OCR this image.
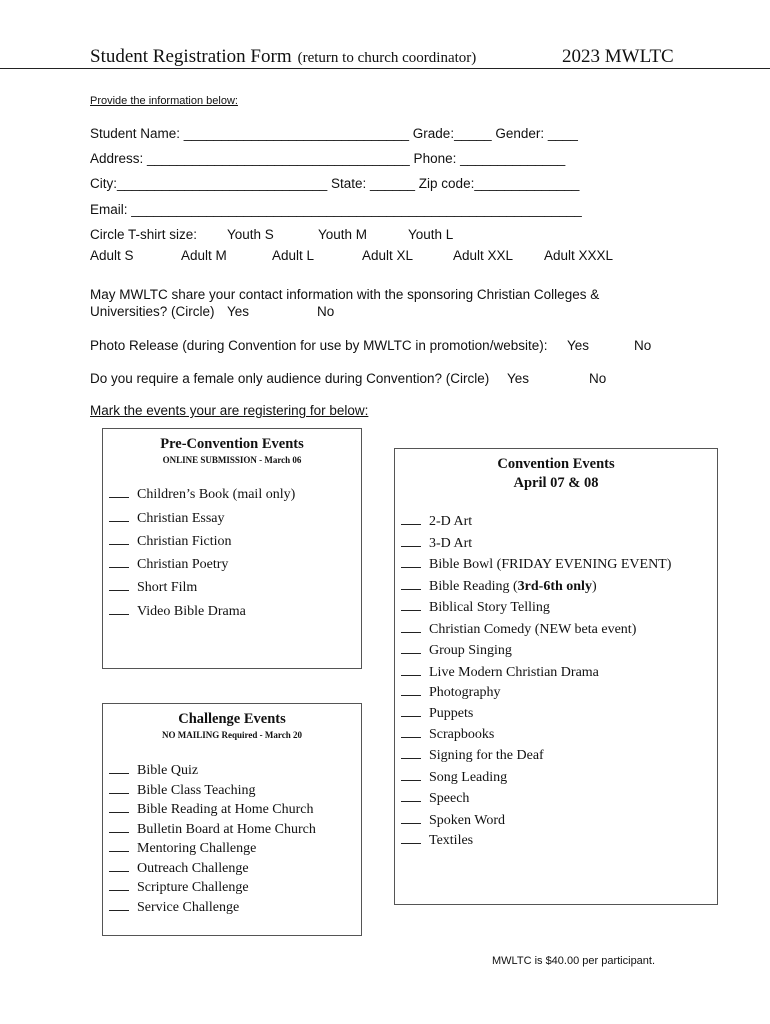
Student Registration Form (return to church coordinator)	2023 MWLTC
Provide the information below:
Student Name: ______________________________ Grade:_____ Gender: ____
Address: ___________________________________ Phone: ______________
City:____________________________ State: ______ Zip code:______________
Email: ____________________________________________________________
Circle T-shirt size: Youth S	Youth M	Youth L
Adult S	Adult M	Adult L	Adult XL	Adult XXL Adult XXXL
May MWLTC share your contact information with the sponsoring Christian Colleges &
Universities? (Circle) Yes	No
Photo Release (during Convention for use by MWLTC in promotion/website): Yes	No
Do you require a female only audience during Convention? (Circle) Yes	No
Mark the events your are registering for below:
Pre-Convention Events
ONLINE SUBMISSION - March 06
Children’s Book (mail only)
Christian Essay
Christian Fiction
Christian Poetry
Short Film
Video Bible Drama
Challenge Events
NO MAILING Required - March 20
Bible Quiz
Bible Class Teaching
Bible Reading at Home Church
Bulletin Board at Home Church
Mentoring Challenge
Outreach Challenge
Scripture Challenge
Service Challenge
Convention Events
April 07 & 08
2-D Art
3-D Art
Bible Bowl (FRIDAY EVENING EVENT)
Bible Reading (3rd-6th only)
Biblical Story Telling
Christian Comedy (NEW beta event)
Group Singing
Live Modern Christian Drama
Photography
Puppets
Scrapbooks
Signing for the Deaf
Song Leading
Speech
Spoken Word
Textiles
MWLTC is $40.00 per participant.
